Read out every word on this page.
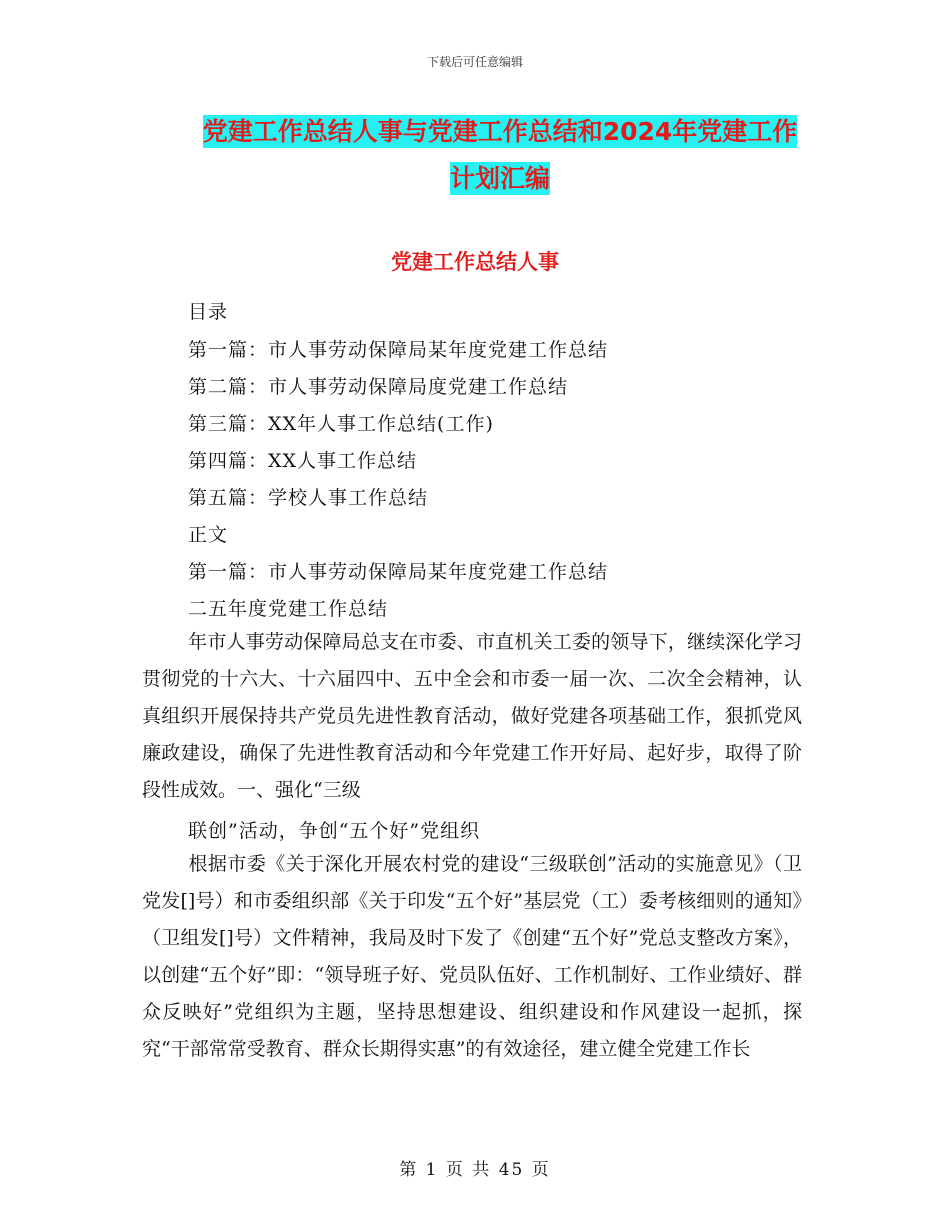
下载后可任意编辑
党建工作总结人事与党建工作总结和2024年党建工作
计划汇编
党建工作总结人事
目录
第一篇：市人事劳动保障局某年度党建工作总结
第二篇：市人事劳动保障局度党建工作总结
第三篇：XX年人事工作总结(工作)
第四篇：XX人事工作总结
第五篇：学校人事工作总结
正文
第一篇：市人事劳动保障局某年度党建工作总结
二五年度党建工作总结
年市人事劳动保障局总支在市委、市直机关工委的领导下，继续深化学习贯彻党的十六大、十六届四中、五中全会和市委一届一次、二次全会精神，认真组织开展保持共产党员先进性教育活动，做好党建各项基础工作，狠抓党风廉政建设，确保了先进性教育活动和今年党建工作开好局、起好步，取得了阶段性成效。一、强化“三级
联创”活动，争创“五个好”党组织
根据市委《关于深化开展农村党的建设“三级联创”活动的实施意见》（卫党发[]号）和市委组织部《关于印发“五个好”基层党（工）委考核细则的通知》（卫组发[]号）文件精神，我局及时下发了《创建“五个好”党总支整改方案》，以创建“五个好”即：“领导班子好、党员队伍好、工作机制好、工作业绩好、群众反映好”党组织为主题，坚持思想建设、组织建设和作风建设一起抓，探究“干部常常受教育、群众长期得实惠”的有效途径，建立健全党建工作长
第 1 页 共 45 页
